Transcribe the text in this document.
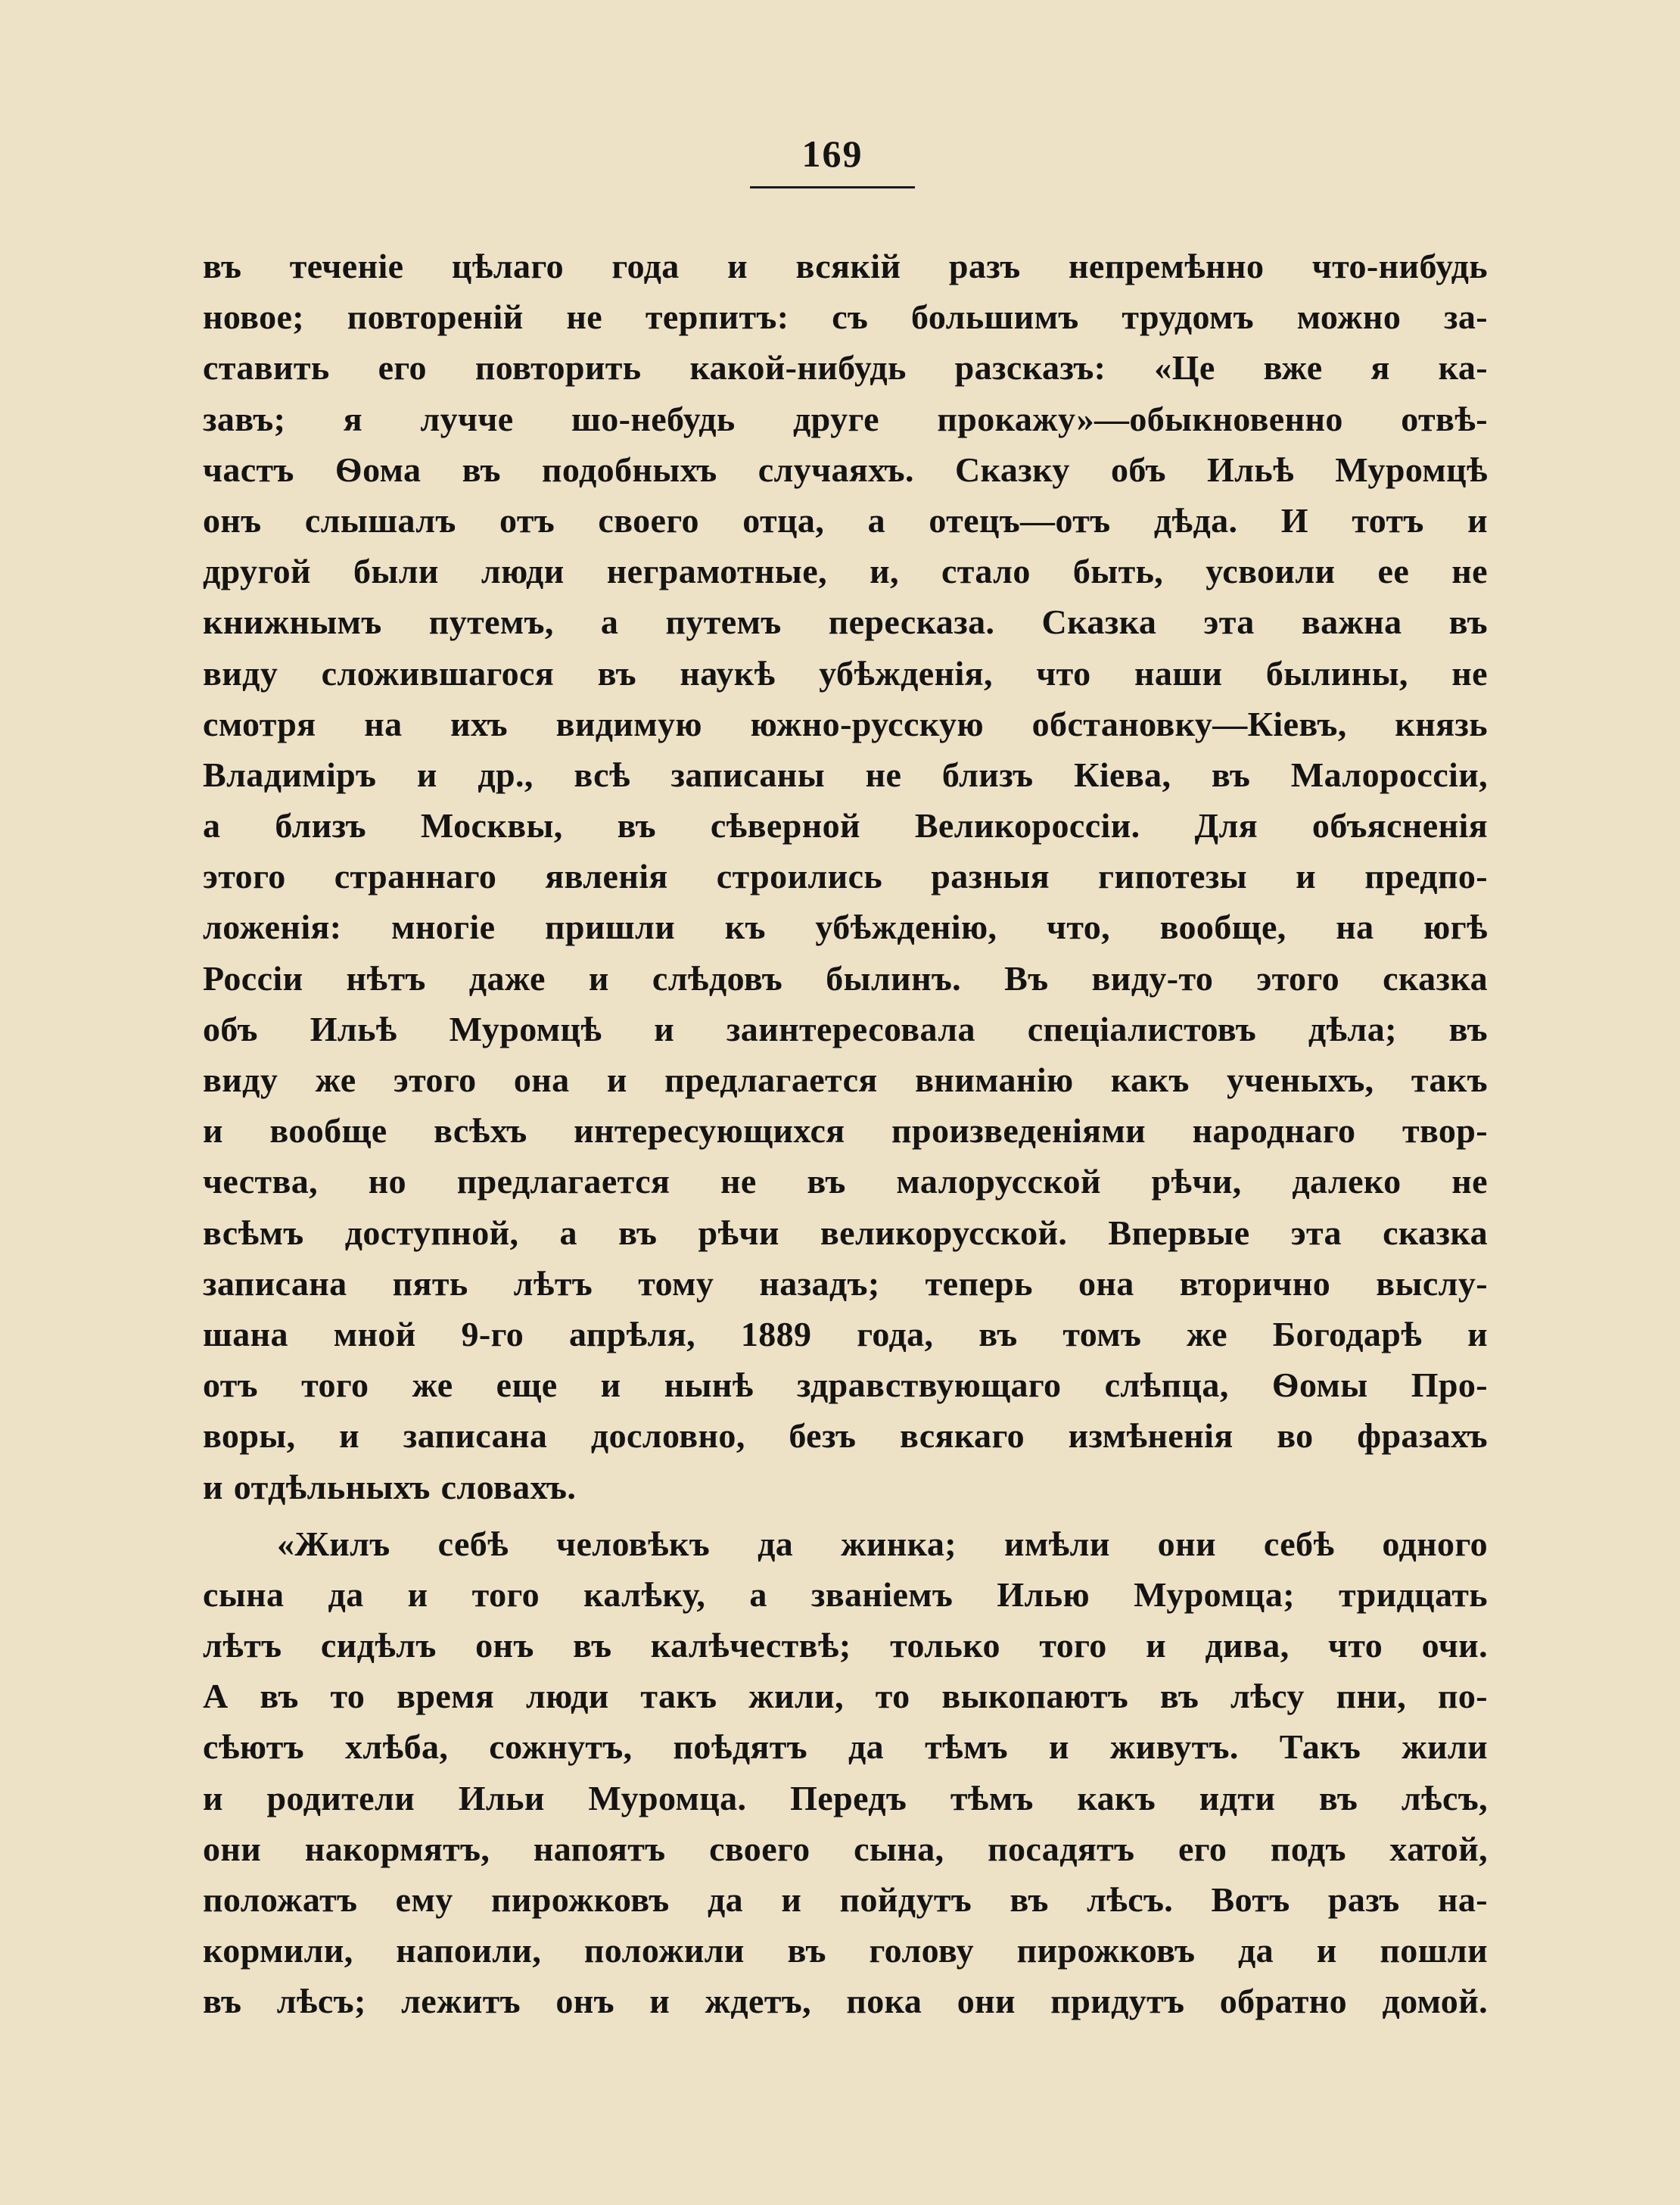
169
въ теченіе цѣлаго года и всякій разъ непремѣнно что-нибудь
новое; повтореній не терпитъ: съ большимъ трудомъ можно за-
ставить его повторить какой-нибудь разсказъ: «Це вже я ка-
завъ; я лучче шо-небудь друге прокажу»—обыкновенно отвѣ-
частъ Ѳома въ подобныхъ случаяхъ. Сказку объ Ильѣ Муромцѣ
онъ слышалъ отъ своего отца, а отецъ—отъ дѣда. И тотъ и
другой были люди неграмотные, и, стало быть, усвоили ее не
книжнымъ путемъ, а путемъ пересказа. Сказка эта важна въ
виду сложившагося въ наукѣ убѣжденія, что наши былины, не
смотря на ихъ видимую южно-русскую обстановку—Кіевъ, князь
Владиміръ и др., всѣ записаны не близъ Кіева, въ Малороссіи,
а близъ Москвы, въ сѣверной Великороссіи. Для объясненія
этого страннаго явленія строились разныя гипотезы и предпо-
ложенія: многіе пришли къ убѣжденію, что, вообще, на югѣ
Россіи нѣтъ даже и слѣдовъ былинъ. Въ виду-то этого сказка
объ Ильѣ Муромцѣ и заинтересовала спеціалистовъ дѣла; въ
виду же этого она и предлагается вниманію какъ ученыхъ, такъ
и вообще всѣхъ интересующихся произведеніями народнаго твор-
чества, но предлагается не въ малорусской рѣчи, далеко не
всѣмъ доступной, а въ рѣчи великорусской. Впервые эта сказка
записана пять лѣтъ тому назадъ; теперь она вторично выслу-
шана мной 9-го апрѣля, 1889 года, въ томъ же Богодарѣ и
отъ того же еще и нынѣ здравствующаго слѣпца, Ѳомы Про-
воры, и записана дословно, безъ всякаго измѣненія во фразахъ
и отдѣльныхъ словахъ.
«Жилъ себѣ человѣкъ да жинка; имѣли они себѣ одного
сына да и того калѣку, а званіемъ Илью Муромца; тридцать
лѣтъ сидѣлъ онъ въ калѣчествѣ; только того и дива, что очи.
А въ то время люди такъ жили, то выкопаютъ въ лѣсу пни, по-
сѣютъ хлѣба, сожнутъ, поѣдятъ да тѣмъ и живутъ. Такъ жили
и родители Ильи Муромца. Передъ тѣмъ какъ идти въ лѣсъ,
они накормятъ, напоятъ своего сына, посадятъ его подъ хатой,
положатъ ему пирожковъ да и пойдутъ въ лѣсъ. Вотъ разъ на-
кормили, напоили, положили въ голову пирожковъ да и пошли
въ лѣсъ; лежитъ онъ и ждетъ, пока они придутъ обратно домой.
